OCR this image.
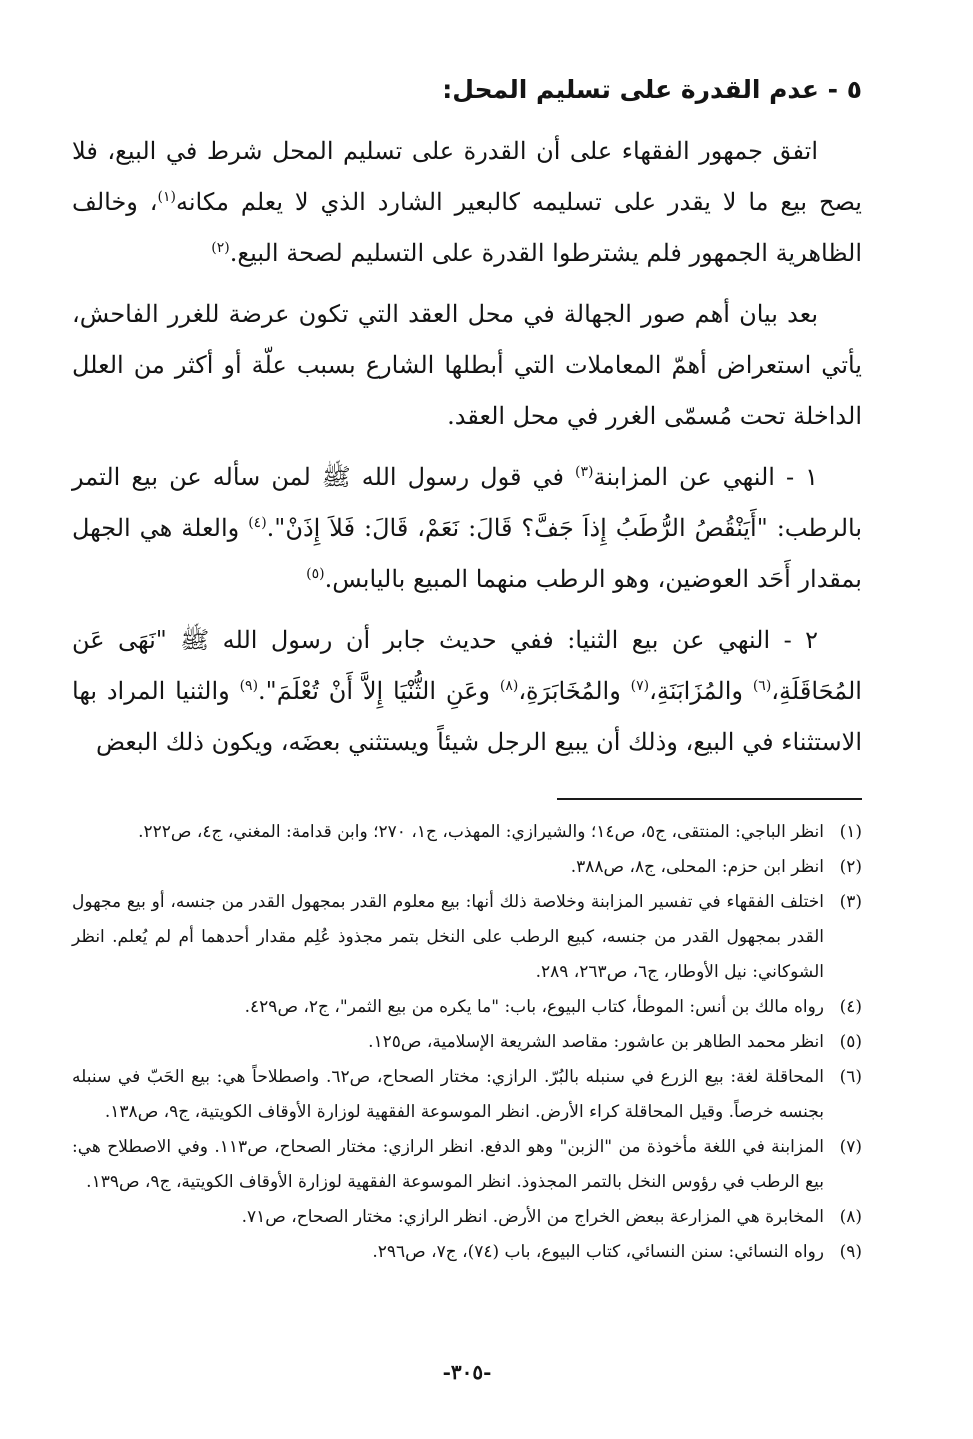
٥ - عدم القدرة على تسليم المحل:

اتفق جمهور الفقهاء على أن القدرة على تسليم المحل شرط في البيع، فلا يصح بيع ما لا يقدر على تسليمه كالبعير الشارد الذي لا يعلم مكانه$^{(١)}$، وخالف الظاهرية الجمهور فلم يشترطوا القدرة على التسليم لصحة البيع.$^{(٢)}$

بعد بيان أهم صور الجهالة في محل العقد التي تكون عرضة للغرر الفاحش، يأتي استعراض أهمّ المعاملات التي أبطلها الشارع بسبب علّة أو أكثر من العلل الداخلة تحت مُسمّى الغرر في محل العقد.

١ - النهي عن المزابنة$^{(٣)}$ في قول رسول الله ﷺ لمن سأله عن بيع التمر بالرطب: "أَيَنْقُصُ الرُّطَبُ إِذاَ جَفَّ؟ قَالَ: نَعَمْ، قَالَ: فَلاَ إِذَنْ".$^{(٤)}$ والعلة هي الجهل بمقدار أَحَد العوضين، وهو الرطب منهما المبيع باليابس.$^{(٥)}$

٢ - النهي عن بيع الثنيا: ففي حديث جابر أن رسول الله ﷺ "نَهَى عَن المُحَاقَلَةِ،$^{(٦)}$ والمُزَابَنَةِ،$^{(٧)}$ والمُخَابَرَةِ،$^{(٨)}$ وعَنِ الثُّنْيَا إِلاَّ أَنْ تُعْلَمَ".$^{(٩)}$ والثنيا المراد بها الاستثناء في البيع، وذلك أن يبيع الرجل شيئاً ويستثني بعضَه، ويكون ذلك البعض

(١)
انظر الباجي: المنتقى، ج٥، ص١٤؛ والشيرازي: المهذب، ج١، ٢٧٠؛ وابن قدامة: المغني، ج٤، ص٢٢٢.
(٢)
انظر ابن حزم: المحلى، ج٨، ص٣٨٨.
(٣)
اختلف الفقهاء في تفسير المزابنة وخلاصة ذلك أنها: بيع معلوم القدر بمجهول القدر من جنسه، أو بيع مجهول القدر بمجهول القدر من جنسه، كبيع الرطب على النخل بتمر مجذوذ عُلِم مقدار أحدهما أم لم يُعلم. انظر الشوكاني: نيل الأوطار، ج٦، ص٢٦٣، ٢٨٩.
(٤)
رواه مالك بن أنس: الموطأ، كتاب البيوع، باب: "ما يكره من بيع الثمر"، ج٢، ص٤٢٩.
(٥)
انظر محمد الطاهر بن عاشور: مقاصد الشريعة الإسلامية، ص١٢٥.
(٦)
المحاقلة لغة: بيع الزرع في سنبله بالبُرّ. الرازي: مختار الصحاح، ص٦٢. واصطلاحاً هي: بيع الحَبّ في سنبله بجنسه خرصاً. وقيل المحاقلة كراء الأرض. انظر الموسوعة الفقهية لوزارة الأوقاف الكويتية، ج٩، ص١٣٨.
(٧)
المزابنة في اللغة مأخوذة من "الزبن" وهو الدفع. انظر الرازي: مختار الصحاح، ص١١٣. وفي الاصطلاح هي: بيع الرطب في رؤوس النخل بالتمر المجذوذ. انظر الموسوعة الفقهية لوزارة الأوقاف الكويتية، ج٩، ص١٣٩.
(٨)
المخابرة هي المزارعة ببعض الخراج من الأرض. انظر الرازي: مختار الصحاح، ص٧١.
(٩)
رواه النسائي: سنن النسائي، كتاب البيوع، باب (٧٤)، ج٧، ص٢٩٦.
-٣٠٥-
